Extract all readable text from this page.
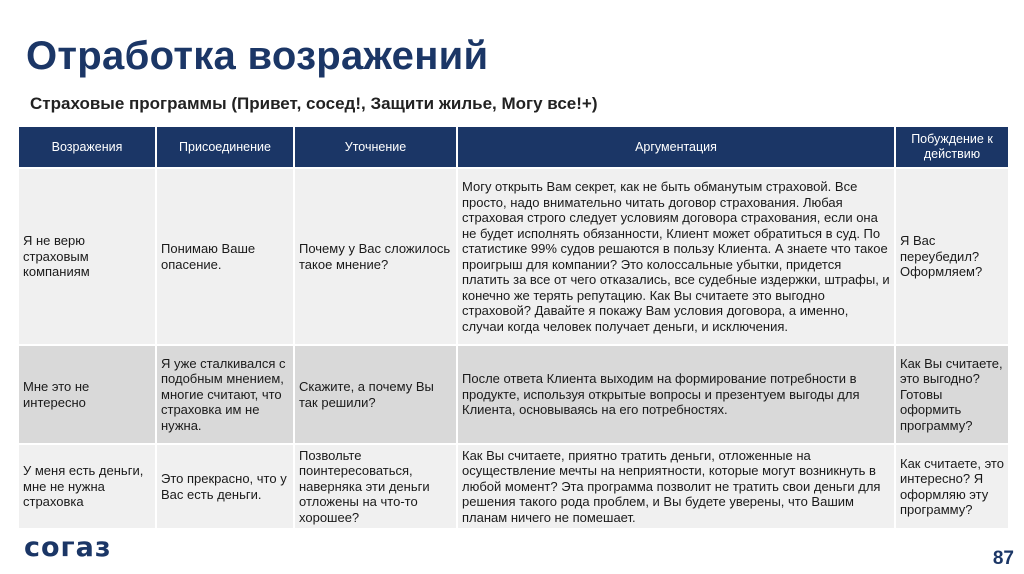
Отработка возражений
Страховые программы (Привет, сосед!, Защити жилье, Могу все!+)
Возражения	Присоединение	Уточнение	Аргументация	Побуждение к действию
Я не верю страховым компаниям	Понимаю Ваше опасение.	Почему у Вас сложилось такое мнение?	Могу открыть Вам секрет, как не быть обманутым страховой. Все просто, надо внимательно читать договор страхования. Любая страховая строго следует условиям договора страхования, если она не будет исполнять обязанности, Клиент может обратиться в суд. По статистике 99% судов решаются в пользу Клиента. А знаете что такое проигрыш для компании? Это колоссальные убытки, придется платить за все от чего отказались, все судебные издержки, штрафы, и конечно же терять репутацию. Как Вы считаете это выгодно страховой? Давайте я покажу Вам условия договора, а именно, случаи когда человек получает деньги, и исключения.	Я Вас переубедил? Оформляем?
Мне это не интересно	Я уже сталкивался с подобным мнением, многие считают, что страховка им не нужна.	Скажите, а почему Вы так решили?	После ответа Клиента выходим на формирование потребности в продукте, используя открытые вопросы и презентуем выгоды для Клиента, основываясь на его потребностях.	Как Вы считаете, это выгодно? Готовы оформить программу?
У меня есть деньги, мне не нужна страховка	Это прекрасно, что у Вас есть деньги.	Позвольте поинтересоваться, наверняка эти деньги отложены на что-то хорошее?	Как Вы считаете, приятно тратить деньги, отложенные на осуществление мечты на неприятности, которые могут возникнуть в любой момент? Эта программа позволит не тратить свои деньги для решения такого рода проблем, и Вы будете уверены, что Вашим планам ничего не помешает.	Как считаете, это интересно? Я оформляю эту программу?
согаз	87
